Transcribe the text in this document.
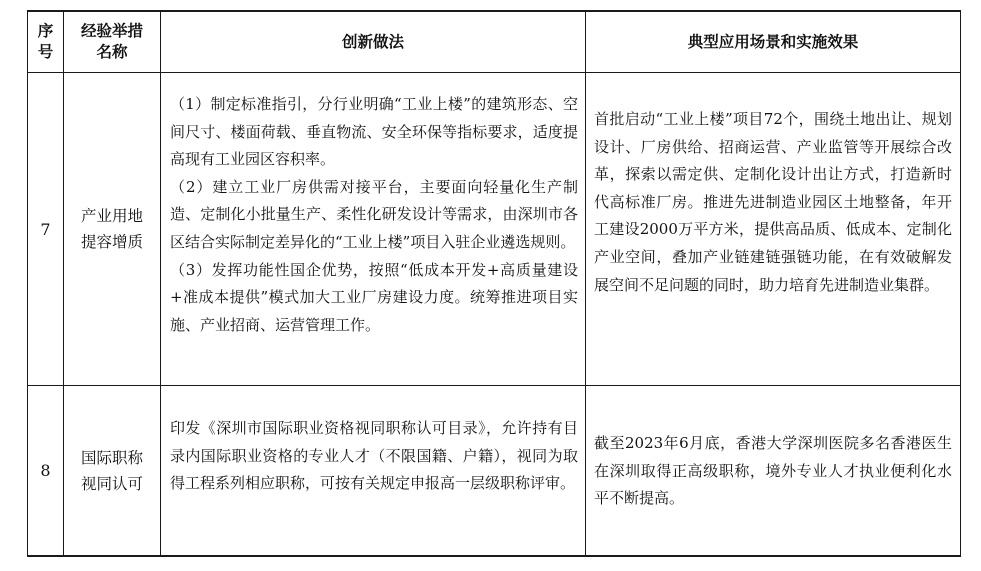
序
号
经验举措
名称
创新做法	典型应用场景和实施效果
7
产业用地
提容增质

（1）制定标准指引，分行业明确“工业上楼”的建筑形态、空间尺寸、楼面荷载、垂直物流、安全环保等指标要求，适度提高现有工业园区容积率。

（2）建立工业厂房供需对接平台，主要面向轻量化生产制造、定制化小批量生产、柔性化研发设计等需求，由深圳市各区结合实际制定差异化的“工业上楼”项目入驻企业遴选规则。

（3）发挥功能性国企优势，按照“低成本开发+高质量建设+准成本提供”模式加大工业厂房建设力度。统筹推进项目实施、产业招商、运营管理工作。

首批启动“工业上楼”项目72个，围绕土地出让、规划设计、厂房供给、招商运营、产业监管等开展综合改革，探索以需定供、定制化设计出让方式，打造新时代高标准厂房。推进先进制造业园区土地整备，年开工建设2000万平方米，提供高品质、低成本、定制化产业空间，叠加产业链建链强链功能，在有效破解发展空间不足问题的同时，助力培育先进制造业集群。
8
国际职称
视同认可

印发《深圳市国际职业资格视同职称认可目录》，允许持有目录内国际职业资格的专业人才（不限国籍、户籍），视同为取得工程系列相应职称，可按有关规定申报高一层级职称评审。

截至2023年6月底，香港大学深圳医院多名香港医生在深圳取得正高级职称，境外专业人才执业便利化水平不断提高。
